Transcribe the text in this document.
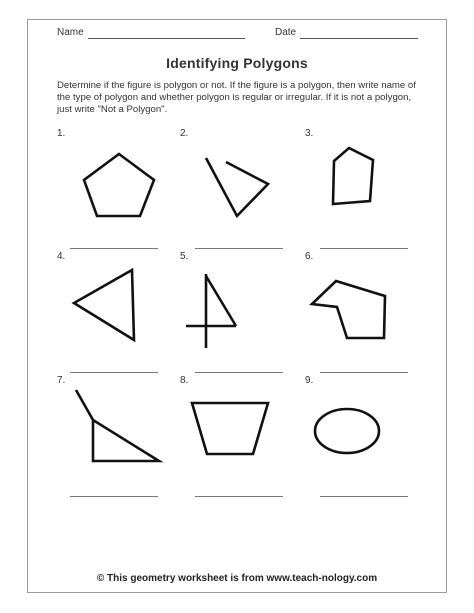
Name	Date
Identifying Polygons
Determine if the figure is polygon or not. If the figure is a polygon, then write name of the type of polygon and whether polygon is regular or irregular. If it is not a polygon, just write "Not a Polygon".
1.	2.	3.
4.	5.	6.
7.	8.	9.
© This geometry worksheet is from www.teach-nology.com
